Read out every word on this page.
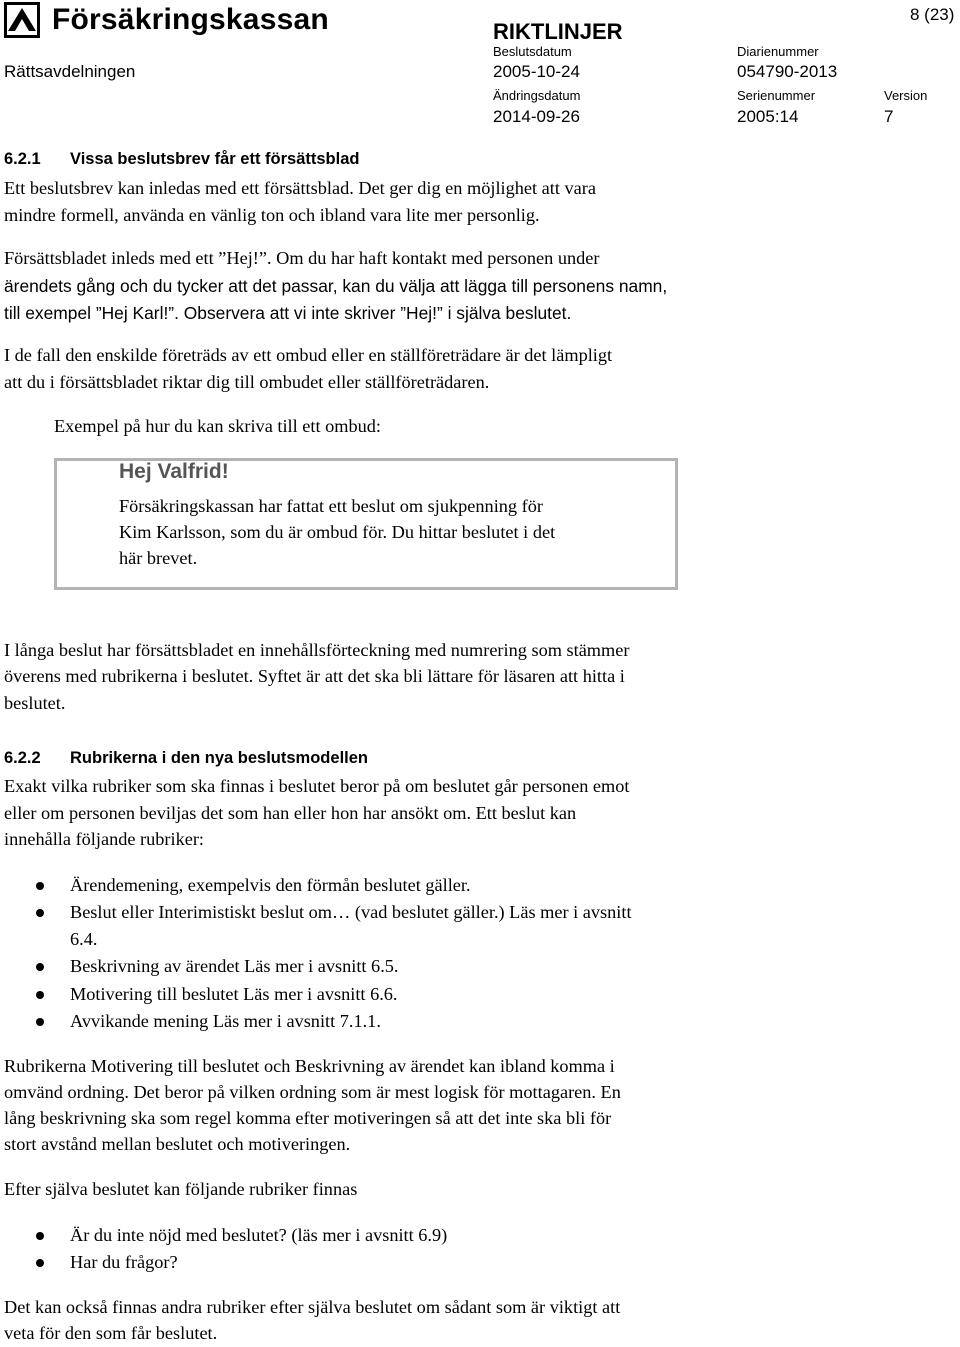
Försäkringskassan
Rättsavdelningen
RIKTLINJER
8 (23)
Beslutsdatum
2005-10-24
Diarienummer
054790-2013
Ändringsdatum
2014-09-26
Serienummer
2005:14
Version
7
6.2.1 Vissa beslutsbrev får ett försättsblad
Ett beslutsbrev kan inledas med ett försättsblad. Det ger dig en möjlighet att vara
mindre formell, använda en vänlig ton och ibland vara lite mer personlig.
Försättsbladet inleds med ett ”Hej!”. Om du har haft kontakt med personen under
ärendets gång och du tycker att det passar, kan du välja att lägga till personens namn,
till exempel ”Hej Karl!”. Observera att vi inte skriver ”Hej!” i själva beslutet.
I de fall den enskilde företräds av ett ombud eller en ställföreträdare är det lämpligt
att du i försättsbladet riktar dig till ombudet eller ställföreträdaren.
Exempel på hur du kan skriva till ett ombud:
Hej Valfrid!
Försäkringskassan har fattat ett beslut om sjukpenning för
Kim Karlsson, som du är ombud för. Du hittar beslutet i det
här brevet.
I långa beslut har försättsbladet en innehållsförteckning med numrering som stämmer
överens med rubrikerna i beslutet. Syftet är att det ska bli lättare för läsaren att hitta i
beslutet.
6.2.2 Rubrikerna i den nya beslutsmodellen
Exakt vilka rubriker som ska finnas i beslutet beror på om beslutet går personen emot
eller om personen beviljas det som han eller hon har ansökt om. Ett beslut kan
innehålla följande rubriker:
Ärendemening, exempelvis den förmån beslutet gäller.
Beslut eller Interimistiskt beslut om… (vad beslutet gäller.) Läs mer i avsnitt
6.4.
Beskrivning av ärendet Läs mer i avsnitt 6.5.
Motivering till beslutet Läs mer i avsnitt 6.6.
Avvikande mening Läs mer i avsnitt 7.1.1.
Rubrikerna Motivering till beslutet och Beskrivning av ärendet kan ibland komma i
omvänd ordning. Det beror på vilken ordning som är mest logisk för mottagaren. En
lång beskrivning ska som regel komma efter motiveringen så att det inte ska bli för
stort avstånd mellan beslutet och motiveringen.
Efter själva beslutet kan följande rubriker finnas
Är du inte nöjd med beslutet? (läs mer i avsnitt 6.9)
Har du frågor?
Det kan också finnas andra rubriker efter själva beslutet om sådant som är viktigt att
veta för den som får beslutet.
